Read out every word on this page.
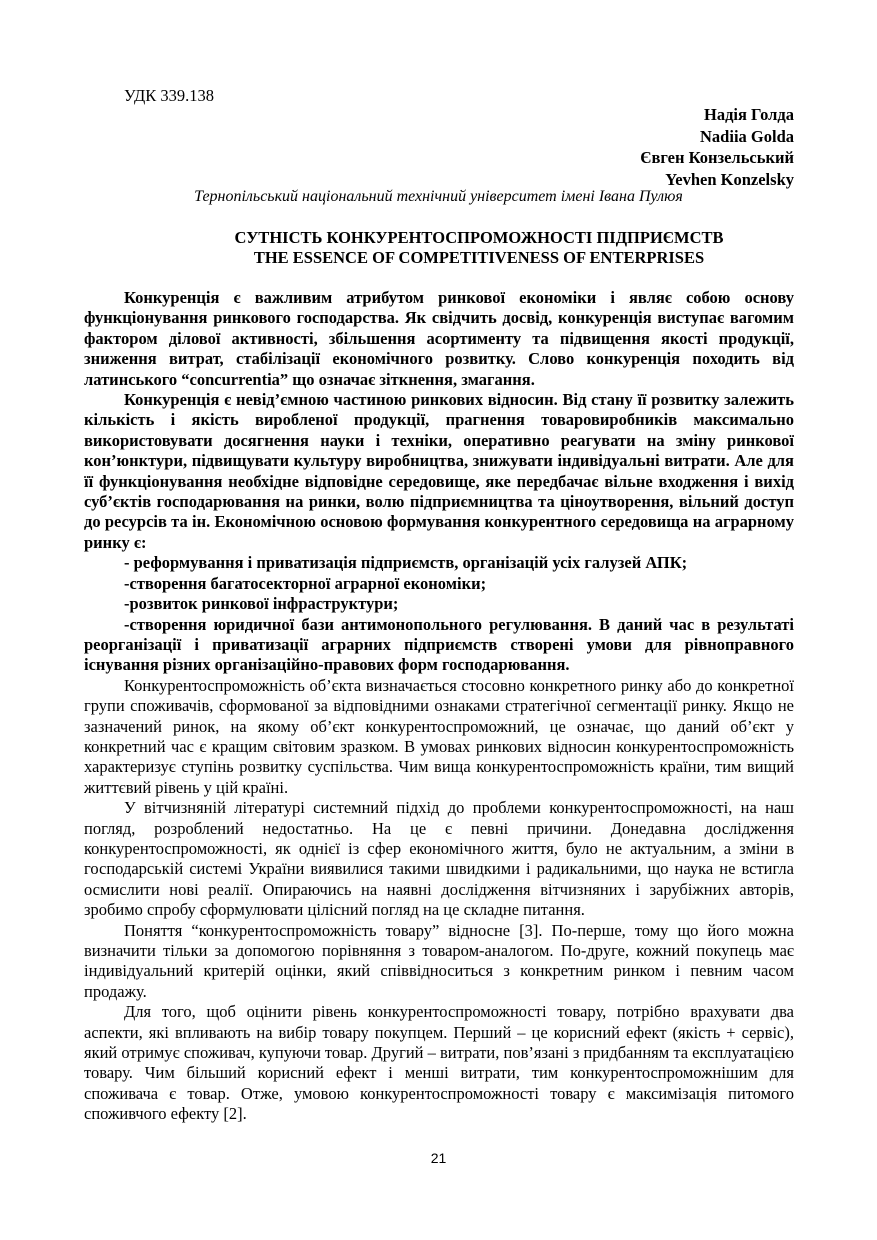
УДК 339.138
Надія Голда
Nadiia Golda
Євген Конзельський
Yevhen Konzelsky
Тернопільський національний технічний університет імені Івана Пулюя
СУТНІСТЬ КОНКУРЕНТОСПРОМОЖНОСТІ ПІДПРИЄМСТВ
THE ESSENCE OF COMPETITIVENESS OF ENTERPRISES

Конкуренція є важливим атрибутом ринкової економіки і являє собою основу функціонування ринкового господарства. Як свідчить досвід, конкуренція виступає вагомим фактором ділової активності, збільшення асортименту та підвищення якості продукції, зниження витрат, стабілізації економічного розвитку. Слово конкуренція походить від латинського “concurrentia” що означає зіткнення, змагання.

Конкуренція є невід’ємною частиною ринкових відносин. Від стану її розвитку залежить кількість і якість виробленої продукції, прагнення товаровиробників максимально використовувати досягнення науки і техніки, оперативно реагувати на зміну ринкової кон’юнктури, підвищувати культуру виробництва, знижувати індивідуальні витрати. Але для її функціонування необхідне відповідне середовище, яке передбачає вільне входження і вихід суб’єктів господарювання на ринки, волю підприємництва та ціноутворення, вільний доступ до ресурсів та ін. Економічною основою формування конкурентного середовища на аграрному ринку є:

- реформування і приватизація підприємств, організацій усіх галузей АПК;

-створення багатосекторної аграрної економіки;

-розвиток ринкової інфраструктури;

-створення юридичної бази антимонопольного регулювання. В даний час в результаті реорганізації і приватизації аграрних підприємств створені умови для рівноправного існування різних організаційно-правових форм господарювання.

Конкурентоспроможність об’єкта визначається стосовно конкретного ринку або до конкретної групи споживачів, сформованої за відповідними ознаками стратегічної сегментації ринку. Якщо не зазначений ринок, на якому об’єкт конкурентоспроможний, це означає, що даний об’єкт у конкретний час є кращим світовим зразком. В умовах ринкових відносин конкурентоспроможність характеризує ступінь розвитку суспільства. Чим вища конкурентоспроможність країни, тим вищий життєвий рівень у цій країні.

У вітчизняній літературі системний підхід до проблеми конкурентоспроможності, на наш погляд, розроблений недостатньо. На це є певні причини. Донедавна дослідження конкурентоспроможності, як однієї із сфер економічного життя, було не актуальним, а зміни в господарській системі України виявилися такими швидкими і радикальними, що наука не встигла осмислити нові реалії. Опираючись на наявні дослідження вітчизняних і зарубіжних авторів, зробимо спробу сформулювати цілісний погляд на це складне питання.

Поняття “конкурентоспроможність товару” відносне [3]. По-перше, тому що його можна визначити тільки за допомогою порівняння з товаром-аналогом. По-друге, кожний покупець має індивідуальний критерій оцінки, який співвідноситься з конкретним ринком і певним часом продажу.

Для того, щоб оцінити рівень конкурентоспроможності товару, потрібно врахувати два аспекти, які впливають на вибір товару покупцем. Перший – це корисний ефект (якість + сервіс), який отримує споживач, купуючи товар. Другий – витрати, пов’язані з придбанням та експлуатацією товару. Чим більший корисний ефект і менші витрати, тим конкурентоспроможнішим для споживача є товар. Отже, умовою конкурентоспроможності товару є максимізація питомого споживчого ефекту [2].

21
